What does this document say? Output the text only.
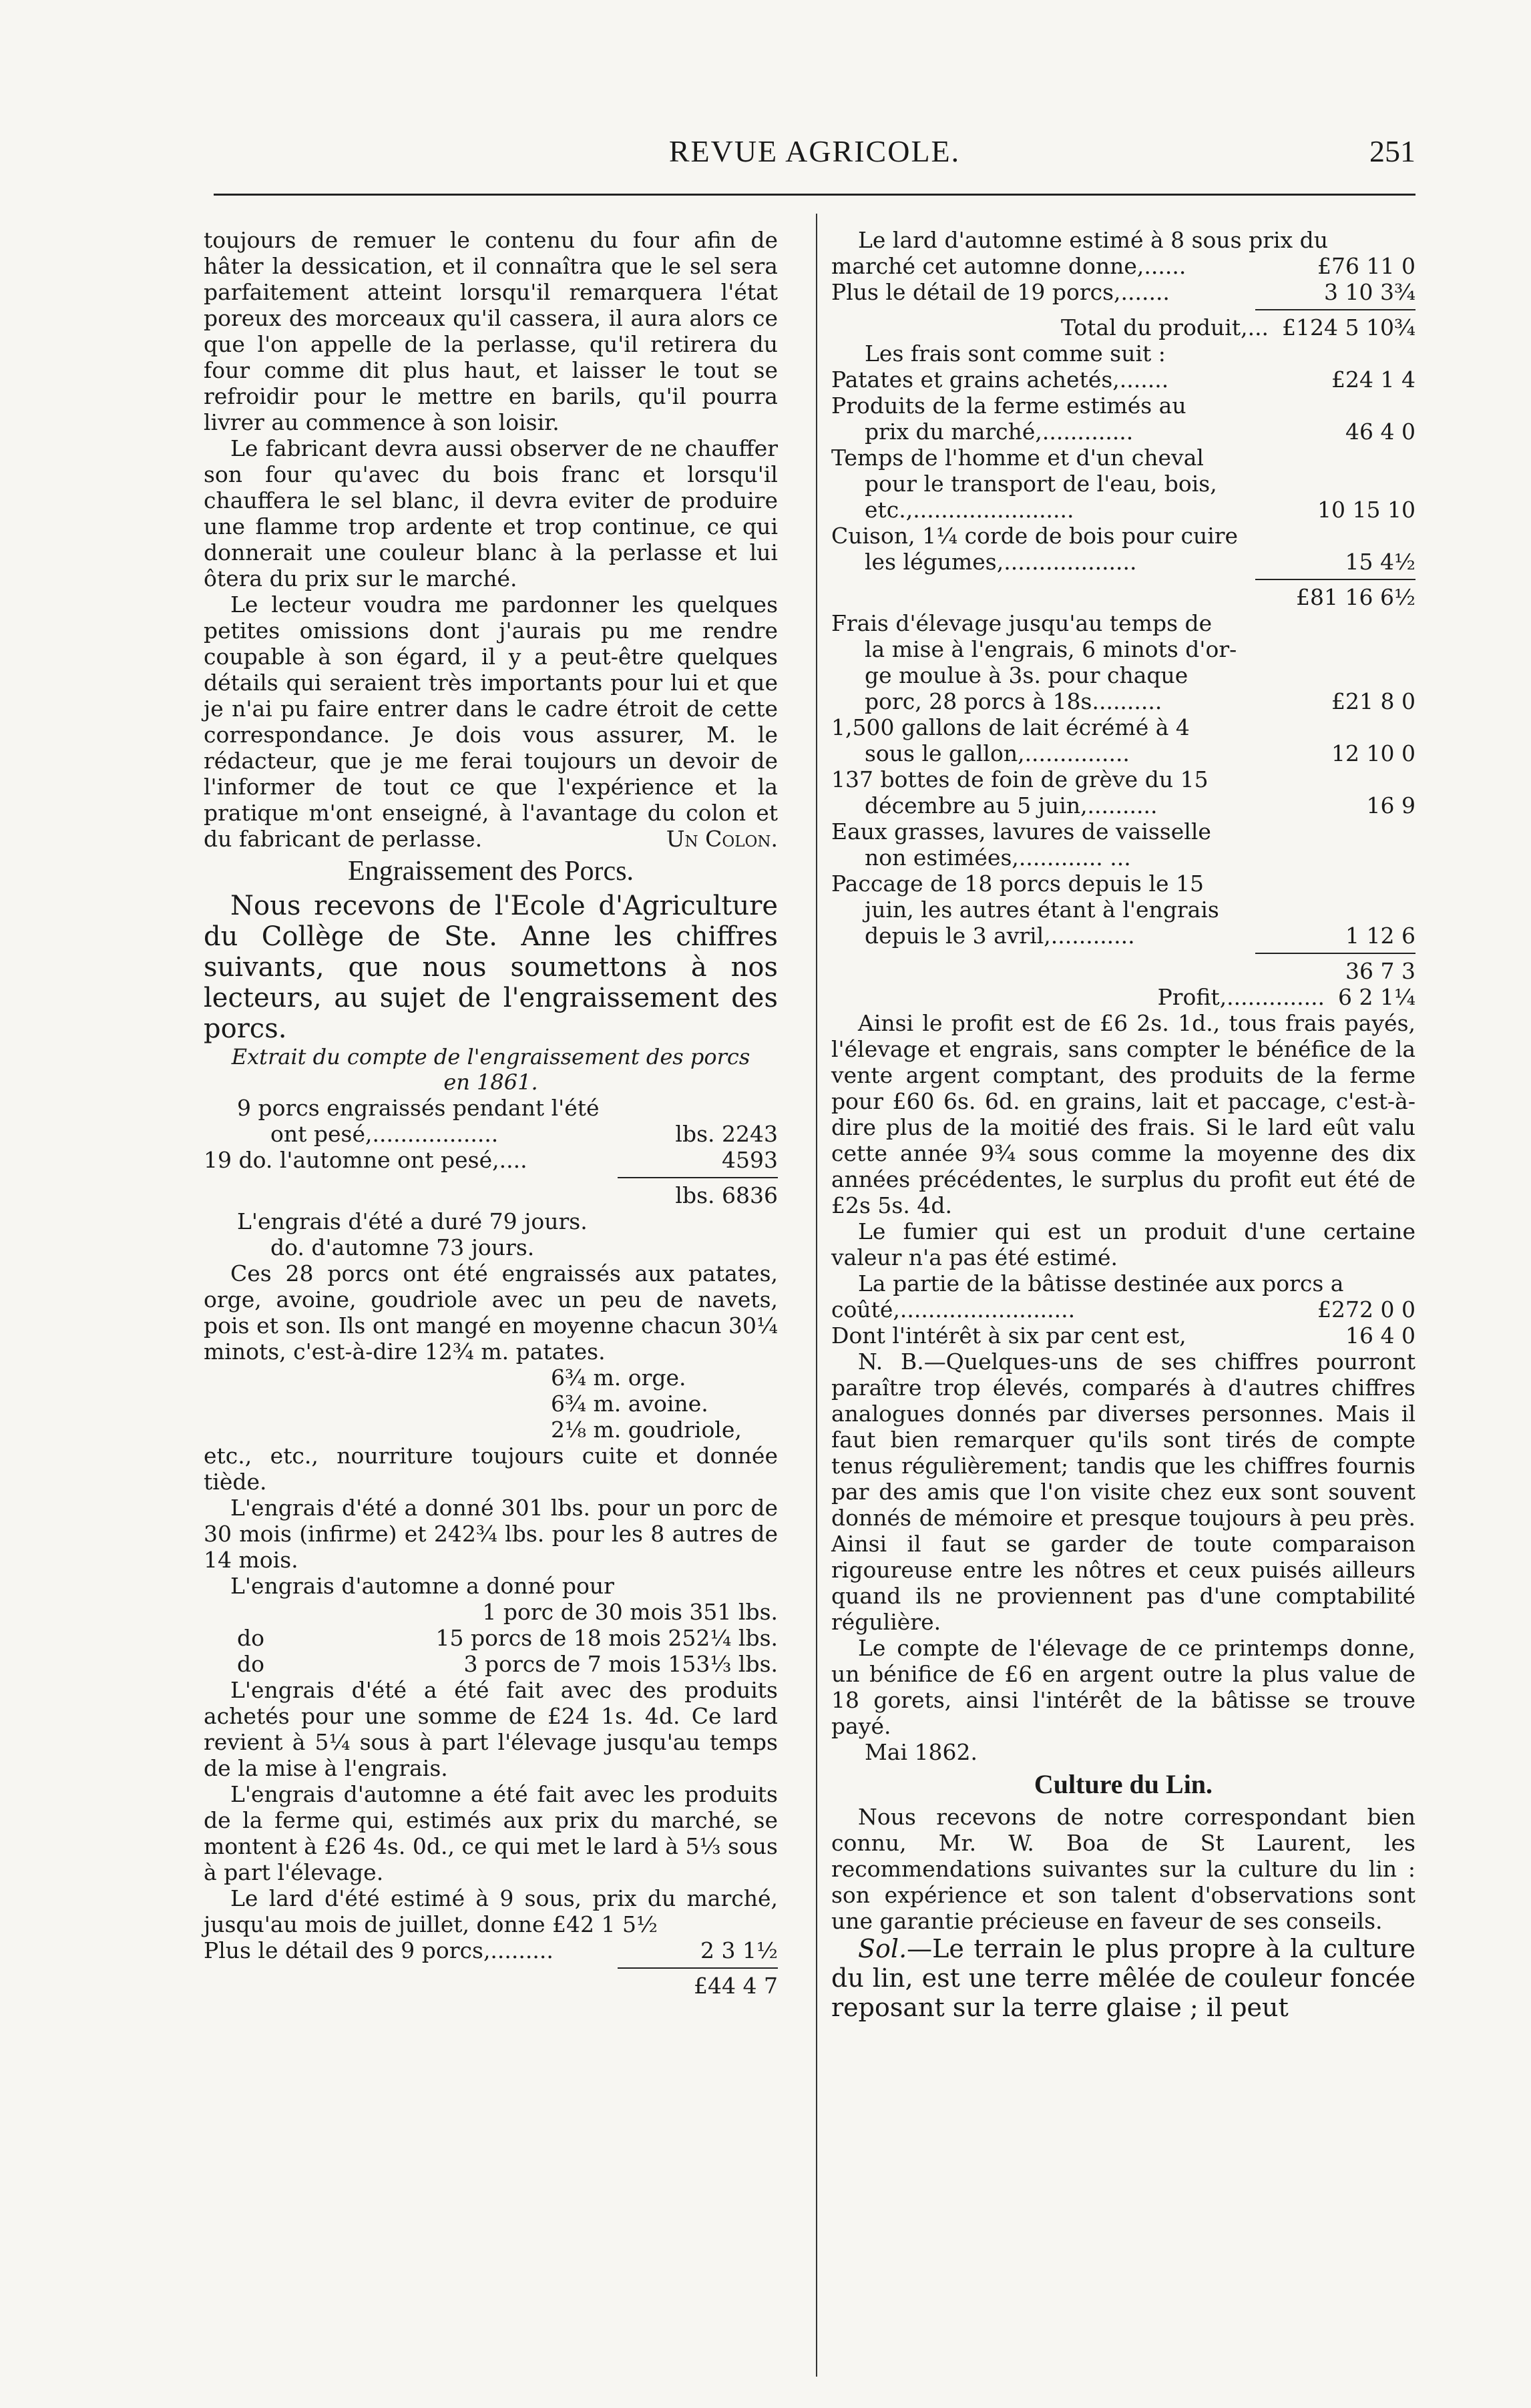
REVUE AGRICOLE.	251

toujours de remuer le contenu du four afin de hâter la dessication, et il connaîtra que le sel sera parfaitement atteint lorsqu'il remarquera l'état poreux des morceaux qu'il cassera, il aura alors ce que l'on appelle de la perlasse, qu'il retirera du four comme dit plus haut, et laisser le tout se refroidir pour le mettre en barils, qu'il pourra livrer au commence à son loisir.

Le fabricant devra aussi observer de ne chauffer son four qu'avec du bois franc et lorsqu'il chauffera le sel blanc, il devra eviter de produire une flamme trop ardente et trop continue, ce qui donnerait une couleur blanc à la perlasse et lui ôtera du prix sur le marché.

Le lecteur voudra me pardonner les quelques petites omissions dont j'aurais pu me rendre coupable à son égard, il y a peut-être quelques détails qui seraient très importants pour lui et que je n'ai pu faire entrer dans le cadre étroit de cette correspondance. Je dois vous assurer, M. le rédacteur, que je me ferai toujours un devoir de l'informer de tout ce que l'expérience et la pratique m'ont enseigné, à l'avantage du colon et du fabricant de perlasse.	Un Colon.
Engraissement des Porcs.

Nous recevons de l'Ecole d'Agriculture du Collège de Ste. Anne les chiffres suivants, que nous soumettons à nos lecteurs, au sujet de l'engraissement des porcs.

Extrait du compte de l'engraissement des porcs
en 1861.
9 porcs engraissés pendant l'été
ont pesé,..................	lbs. 2243
19 do. l'automne ont pesé,....	4593
lbs. 6836
L'engrais d'été a duré 79 jours.
do. d'automne 73 jours.

Ces 28 porcs ont été engraissés aux patates, orge, avoine, goudriole avec un peu de navets, pois et son. Ils ont mangé en moyenne chacun 30¼ minots, c'est-à-dire 12¾ m. patates.

6¾ m. orge.
6¾ m. avoine.
2⅛ m. goudriole,

etc., etc., nourriture toujours cuite et donnée tiède.

L'engrais d'été a donné 301 lbs. pour un porc de 30 mois (infirme) et 242¾ lbs. pour les 8 autres de 14 mois.

L'engrais d'automne a donné pour

1 porc de 30 mois 351 lbs.
do	15 porcs de 18 mois 252¼ lbs.
do	3 porcs de 7 mois 153⅓ lbs.

L'engrais d'été a été fait avec des produits achetés pour une somme de £24 1s. 4d. Ce lard revient à 5¼ sous à part l'élevage jusqu'au temps de la mise à l'engrais.

L'engrais d'automne a été fait avec les produits de la ferme qui, estimés aux prix du marché, se montent à £26 4s. 0d., ce qui met le lard à 5⅓ sous à part l'élevage.

Le lard d'été estimé à 9 sous, prix du marché, jusqu'au mois de juillet, donne £42 1 5½

Plus le détail des 9 porcs,.........	2 3 1½
£44 4 7

Le lard d'automne estimé à 8 sous prix du

marché cet automne donne,......	£76 11 0
Plus le détail de 19 porcs,.......	3 10 3¾
Total du produit,... £124 5 10¾
Les frais sont comme suit :
Patates et grains achetés,.......	£24 1 4
Produits de la ferme estimés au
prix du marché,.............	46 4 0
Temps de l'homme et d'un cheval
pour le transport de l'eau, bois,
etc.,.......................	10 15 10
Cuison, 1¼ corde de bois pour cuire
les légumes,...................	15 4½
£81 16 6½
Frais d'élevage jusqu'au temps de
la mise à l'engrais, 6 minots d'or-
ge moulue à 3s. pour chaque
porc, 28 porcs à 18s..........	£21 8 0
1,500 gallons de lait écrémé à 4
sous le gallon,...............	12 10 0
137 bottes de foin de grève du 15
décembre au 5 juin,..........	16 9
Eaux grasses, lavures de vaisselle
non estimées,............ ...
Paccage de 18 porcs depuis le 15
juin, les autres étant à l'engrais
depuis le 3 avril,............	1 12 6
36 7 3
Profit,.............. 6 2 1¼

Ainsi le profit est de £6 2s. 1d., tous frais payés, l'élevage et engrais, sans compter le bénéfice de la vente argent comptant, des produits de la ferme pour £60 6s. 6d. en grains, lait et paccage, c'est-à-dire plus de la moitié des frais. Si le lard eût valu cette année 9¾ sous comme la moyenne des dix années précédentes, le surplus du profit eut été de £2s 5s. 4d.

Le fumier qui est un produit d'une certaine valeur n'a pas été estimé.

La partie de la bâtisse destinée aux porcs a

coûté,.........................	£272 0 0
Dont l'intérêt à six par cent est,	16 4 0

N. B.—Quelques-uns de ses chiffres pourront paraître trop élevés, comparés à d'autres chiffres analogues donnés par diverses personnes. Mais il faut bien remarquer qu'ils sont tirés de compte tenus régulièrement; tandis que les chiffres fournis par des amis que l'on visite chez eux sont souvent donnés de mémoire et presque toujours à peu près. Ainsi il faut se garder de toute comparaison rigoureuse entre les nôtres et ceux puisés ailleurs quand ils ne proviennent pas d'une comptabilité régulière.

Le compte de l'élevage de ce printemps donne, un bénifice de £6 en argent outre la plus value de 18 gorets, ainsi l'intérêt de la bâtisse se trouve payé.

Mai 1862.
Culture du Lin.

Nous recevons de notre correspondant bien connu, Mr. W. Boa de St Laurent, les recommendations suivantes sur la culture du lin : son expérience et son talent d'observations sont une garantie précieuse en faveur de ses conseils.

Sol.—Le terrain le plus propre à la culture du lin, est une terre mêlée de couleur foncée reposant sur la terre glaise ; il peut
